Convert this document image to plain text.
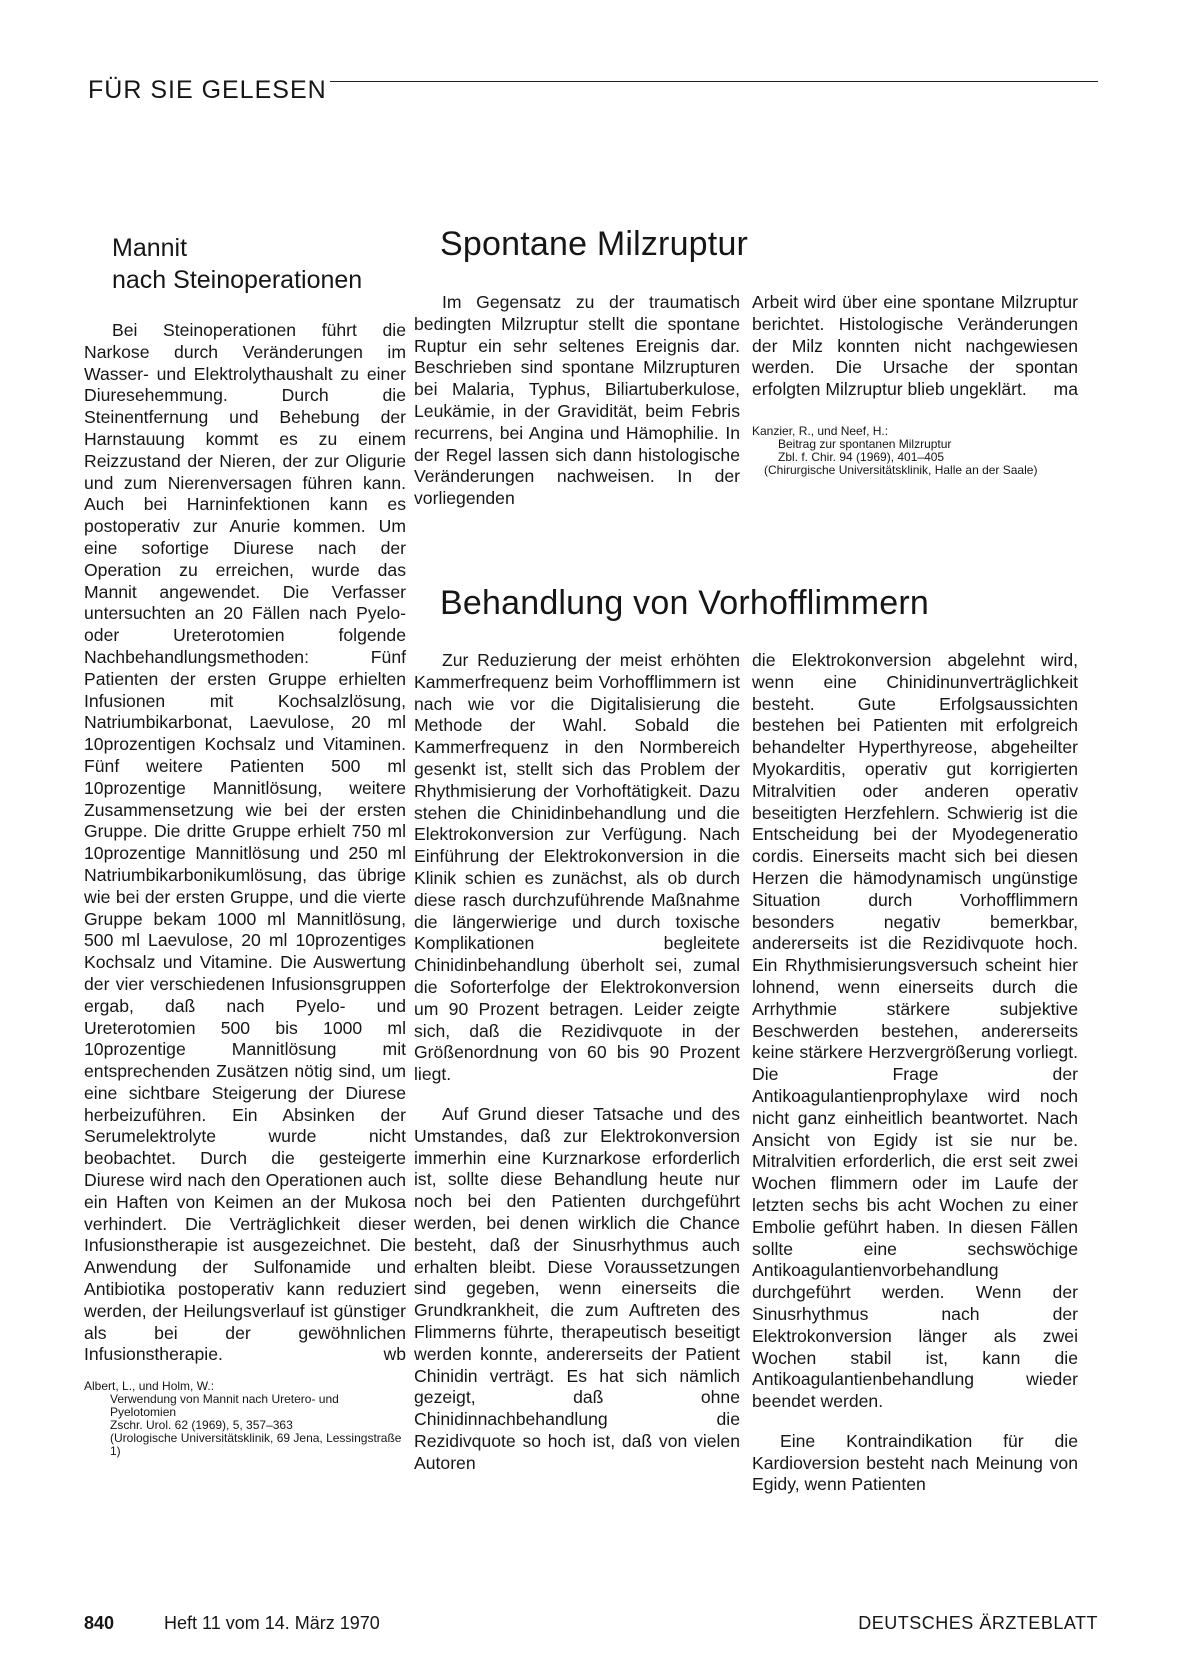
FÜR SIE GELESEN
Mannit
nach Steinoperationen

Bei Steinoperationen führt die Narkose durch Veränderungen im Wasser- und Elektrolythaushalt zu einer Diuresehemmung. Durch die Steinentfernung und Behebung der Harnstauung kommt es zu einem Reizzustand der Nieren, der zur Oligurie und zum Nierenversagen führen kann. Auch bei Harninfektionen kann es postoperativ zur Anurie kommen. Um eine sofortige Diurese nach der Operation zu erreichen, wurde das Mannit angewendet. Die Verfasser untersuchten an 20 Fällen nach Pyelo- oder Ureterotomien folgende Nachbehandlungsmethoden: Fünf Patienten der ersten Gruppe erhielten Infusionen mit Kochsalzlösung, Natriumbikarbonat, Laevulose, 20 ml 10prozentigen Kochsalz und Vitaminen. Fünf weitere Patienten 500 ml 10prozentige Mannitlösung, weitere Zusammensetzung wie bei der ersten Gruppe. Die dritte Gruppe erhielt 750 ml 10prozentige Mannitlösung und 250 ml Natriumbikarbonikumlösung, das übrige wie bei der ersten Gruppe, und die vierte Gruppe bekam 1000 ml Mannitlösung, 500 ml Laevulose, 20 ml 10prozentiges Kochsalz und Vitamine. Die Auswertung der vier verschiedenen Infusionsgruppen ergab, daß nach Pyelo- und Ureterotomien 500 bis 1000 ml 10prozentige Mannitlösung mit entsprechenden Zusätzen nötig sind, um eine sichtbare Steigerung der Diurese herbeizuführen. Ein Absinken der Serumelektrolyte wurde nicht beobachtet. Durch die gesteigerte Diurese wird nach den Operationen auch ein Haften von Keimen an der Mukosa verhindert. Die Verträglichkeit dieser Infusionstherapie ist ausgezeichnet. Die Anwendung der Sulfonamide und Antibiotika postoperativ kann reduziert werden, der Heilungsverlauf ist günstiger als bei der gewöhnlichen Infusionstherapie.	wb

Albert, L., und Holm, W.:

Verwendung von Mannit nach Uretero- und Pyelotomien

Zschr. Urol. 62 (1969), 5, 357–363

(Urologische Universitätsklinik, 69 Jena, Lessingstraße 1)

Spontane Milzruptur

Im Gegensatz zu der traumatisch bedingten Milzruptur stellt die spontane Ruptur ein sehr seltenes Ereignis dar. Beschrieben sind spontane Milzrupturen bei Malaria, Typhus, Biliartuberkulose, Leukämie, in der Gravidität, beim Febris recurrens, bei Angina und Hämophilie. In der Regel lassen sich dann histologische Veränderungen nachweisen. In der vorliegenden

Arbeit wird über eine spontane Milzruptur berichtet. Histologische Veränderungen der Milz konnten nicht nachgewiesen werden. Die Ursache der spontan erfolgten Milzruptur blieb ungeklärt. ma

Kanzier, R., und Neef, H.:

Beitrag zur spontanen Milzruptur

Zbl. f. Chir. 94 (1969), 401–405

(Chirurgische Universitätsklinik, Halle an der Saale)

Behandlung von Vorhofflimmern

Zur Reduzierung der meist erhöhten Kammerfrequenz beim Vorhofflimmern ist nach wie vor die Digitalisierung die Methode der Wahl. Sobald die Kammerfrequenz in den Normbereich gesenkt ist, stellt sich das Problem der Rhythmisierung der Vorhoftätigkeit. Dazu stehen die Chinidinbehandlung und die Elektrokonversion zur Verfügung. Nach Einführung der Elektrokonversion in die Klinik schien es zunächst, als ob durch diese rasch durchzuführende Maßnahme die längerwierige und durch toxische Komplikationen begleitete Chinidinbehandlung überholt sei, zumal die Soforterfolge der Elektrokonversion um 90 Prozent betragen. Leider zeigte sich, daß die Rezidivquote in der Größenordnung von 60 bis 90 Prozent liegt.

Auf Grund dieser Tatsache und des Umstandes, daß zur Elektrokonversion immerhin eine Kurznarkose erforderlich ist, sollte diese Behandlung heute nur noch bei den Patienten durchgeführt werden, bei denen wirklich die Chance besteht, daß der Sinusrhythmus auch erhalten bleibt. Diese Voraussetzungen sind gegeben, wenn einerseits die Grundkrankheit, die zum Auftreten des Flimmerns führte, therapeutisch beseitigt werden konnte, andererseits der Patient Chinidin verträgt. Es hat sich nämlich gezeigt, daß ohne Chinidinnachbehandlung die Rezidivquote so hoch ist, daß von vielen Autoren

die Elektrokonversion abgelehnt wird, wenn eine Chinidinunverträglichkeit besteht. Gute Erfolgsaussichten bestehen bei Patienten mit erfolgreich behandelter Hyperthyreose, abgeheilter Myokarditis, operativ gut korrigierten Mitralvitien oder anderen operativ beseitigten Herzfehlern. Schwierig ist die Entscheidung bei der Myodegeneratio cordis. Einerseits macht sich bei diesen Herzen die hämodynamisch ungünstige Situation durch Vorhofflimmern besonders negativ bemerkbar, andererseits ist die Rezidivquote hoch. Ein Rhythmisierungsversuch scheint hier lohnend, wenn einerseits durch die Arrhythmie stärkere subjektive Beschwerden bestehen, andererseits keine stärkere Herzvergrößerung vorliegt. Die Frage der Antikoagulantienprophylaxe wird noch nicht ganz einheitlich beantwortet. Nach Ansicht von Egidy ist sie nur be. Mitralvitien erforderlich, die erst seit zwei Wochen flimmern oder im Laufe der letzten sechs bis acht Wochen zu einer Embolie geführt haben. In diesen Fällen sollte eine sechswöchige Antikoagulantienvorbehandlung durchgeführt werden. Wenn der Sinusrhythmus nach der Elektrokonversion länger als zwei Wochen stabil ist, kann die Antikoagulantienbehandlung wieder beendet werden.

Eine Kontraindikation für die Kardioversion besteht nach Meinung von Egidy, wenn Patienten

840	Heft 11 vom 14. März 1970	DEUTSCHES ÄRZTEBLATT
